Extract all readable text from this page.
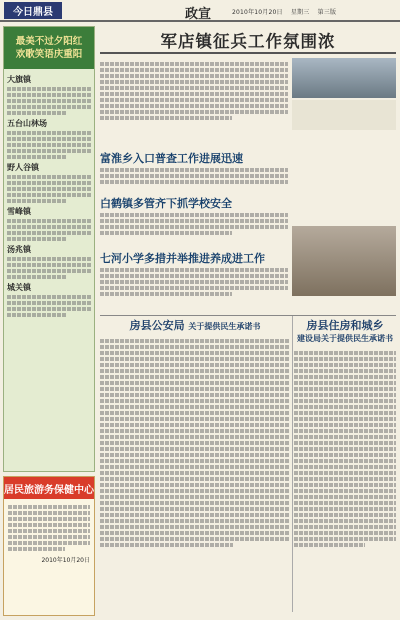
今日鼎县	政宣	2010年10月20日 星期三 第三版
最美不过夕阳红
欢歌笑语庆重阳
大旗镇
五台山林场
野人谷镇
雪峰镇
汤兆镇
城关镇
居民旅游务保健中心
2010年10月20日
军店镇征兵工作氛围浓
富淮乡入口普查工作进展迅速
白鹤镇多管齐下抓学校安全
七河小学多措并举推进养成进工作
房县公安局 关于提供民生承诺书	房县住房和城乡
建设局关于提供民生承诺书
